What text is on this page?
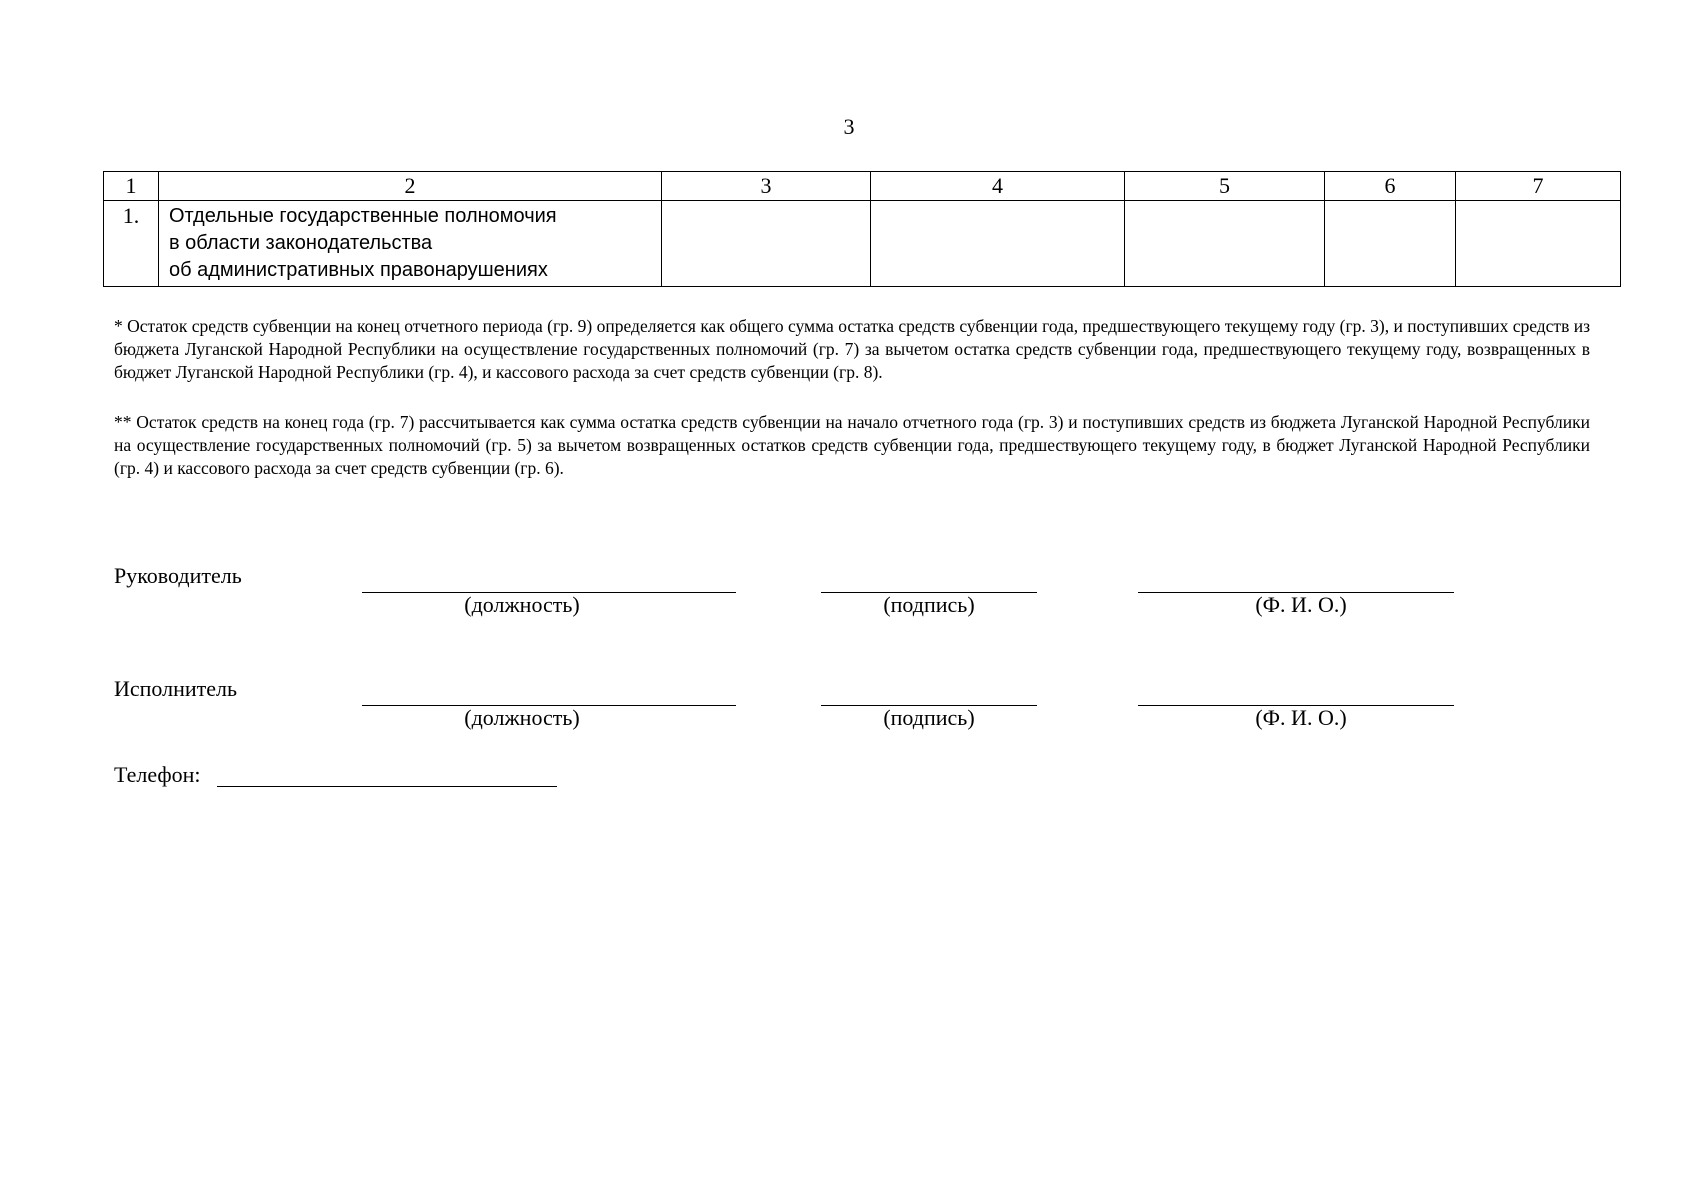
3
1	2	3	4	5	6	7
1.	Отдельные государственные полномочия
в области законодательства
об административных правонарушениях					

* Остаток средств субвенции на конец отчетного периода (гр. 9) определяется как общего сумма остатка средств субвенции года, предшествующего текущему году (гр. 3), и поступивших средств из бюджета Луганской Народной Республики на осуществление государственных полномочий (гр. 7) за вычетом остатка средств субвенции года, предшествующего текущему году, возвращенных в бюджет Луганской Народной Республики (гр. 4), и кассового расхода за счет средств субвенции (гр. 8).
** Остаток средств на конец года (гр. 7) рассчитывается как сумма остатка средств субвенции на начало отчетного года (гр. 3) и поступивших средств из бюджета Луганской Народной Республики на осуществление государственных полномочий (гр. 5) за вычетом возвращенных остатков средств субвенции года, предшествующего текущему году, в бюджет Луганской Народной Республики (гр. 4) и кассового расхода за счет средств субвенции (гр. 6).
Руководитель
(должность)	(подпись)	(Ф. И. О.)
Исполнитель
(должность)	(подпись)	(Ф. И. О.)
Телефон:
